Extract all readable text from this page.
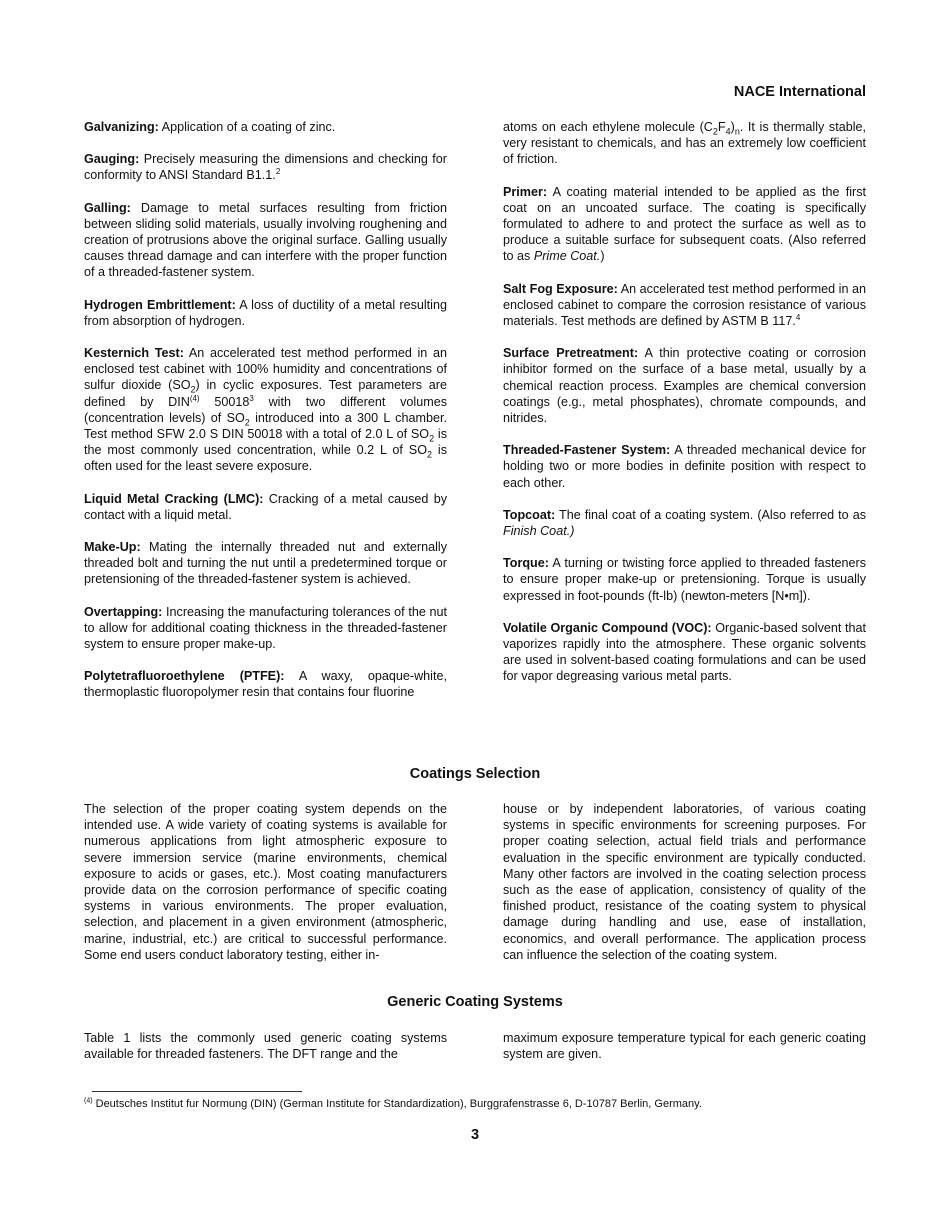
NACE International

Galvanizing: Application of a coating of zinc.

Gauging: Precisely measuring the dimensions and checking for conformity to ANSI Standard B1.1.$^2$

Galling: Damage to metal surfaces resulting from friction between sliding solid materials, usually involving roughening and creation of protrusions above the original surface. Galling usually causes thread damage and can interfere with the proper function of a threaded-fastener system.

Hydrogen Embrittlement: A loss of ductility of a metal resulting from absorption of hydrogen.

Kesternich Test: An accelerated test method performed in an enclosed test cabinet with 100% humidity and concentrations of sulfur dioxide $(SO_2)$ in cyclic exposures. Test parameters are defined by DIN$^{(4)}$ 50018$^3$ with two different volumes (concentration levels) of $SO_2$ introduced into a 300 L chamber. Test method SFW 2.0 S DIN 50018 with a total of 2.0 L of $SO_2$ is the most commonly used concentration, while 0.2 L of $SO_2$ is often used for the least severe exposure.

Liquid Metal Cracking (LMC): Cracking of a metal caused by contact with a liquid metal.

Make-Up: Mating the internally threaded nut and externally threaded bolt and turning the nut until a predetermined torque or pretensioning of the threaded-fastener system is achieved.

Overtapping: Increasing the manufacturing tolerances of the nut to allow for additional coating thickness in the threaded-fastener system to ensure proper make-up.

Polytetrafluoroethylene (PTFE): A waxy, opaque-white, thermoplastic fluoropolymer resin that contains four fluorine

atoms on each ethylene molecule $(C_2F_4)_n$. It is thermally stable, very resistant to chemicals, and has an extremely low coefficient of friction.

Primer: A coating material intended to be applied as the first coat on an uncoated surface. The coating is specifically formulated to adhere to and protect the surface as well as to produce a suitable surface for subsequent coats. (Also referred to as Prime Coat.)

Salt Fog Exposure: An accelerated test method performed in an enclosed cabinet to compare the corrosion resistance of various materials. Test methods are defined by ASTM B 117.$^4$

Surface Pretreatment: A thin protective coating or corrosion inhibitor formed on the surface of a base metal, usually by a chemical reaction process. Examples are chemical conversion coatings (e.g., metal phosphates), chromate compounds, and nitrides.

Threaded-Fastener System: A threaded mechanical device for holding two or more bodies in definite position with respect to each other.

Topcoat: The final coat of a coating system. (Also referred to as Finish Coat.)

Torque: A turning or twisting force applied to threaded fasteners to ensure proper make-up or pretensioning. Torque is usually expressed in foot-pounds (ft-lb) (newton-meters [N•m]).

Volatile Organic Compound (VOC): Organic-based solvent that vaporizes rapidly into the atmosphere. These organic solvents are used in solvent-based coating formulations and can be used for vapor degreasing various metal parts.

Coatings Selection

The selection of the proper coating system depends on the intended use. A wide variety of coating systems is available for numerous applications from light atmospheric exposure to severe immersion service (marine environments, chemical exposure to acids or gases, etc.). Most coating manufacturers provide data on the corrosion performance of specific coating systems in various environments. The proper evaluation, selection, and placement in a given environment (atmospheric, marine, industrial, etc.) are critical to successful performance. Some end users conduct laboratory testing, either in-

house or by independent laboratories, of various coating systems in specific environments for screening purposes. For proper coating selection, actual field trials and performance evaluation in the specific environment are typically conducted. Many other factors are involved in the coating selection process such as the ease of application, consistency of quality of the finished product, resistance of the coating system to physical damage during handling and use, ease of installation, economics, and overall performance. The application process can influence the selection of the coating system.

Generic Coating Systems

Table 1 lists the commonly used generic coating systems available for threaded fasteners. The DFT range and the

maximum exposure temperature typical for each generic coating system are given.

$^{(4)}$ Deutsches Institut fur Normung (DIN) (German Institute for Standardization), Burggrafenstrasse 6, D-10787 Berlin, Germany.
3
